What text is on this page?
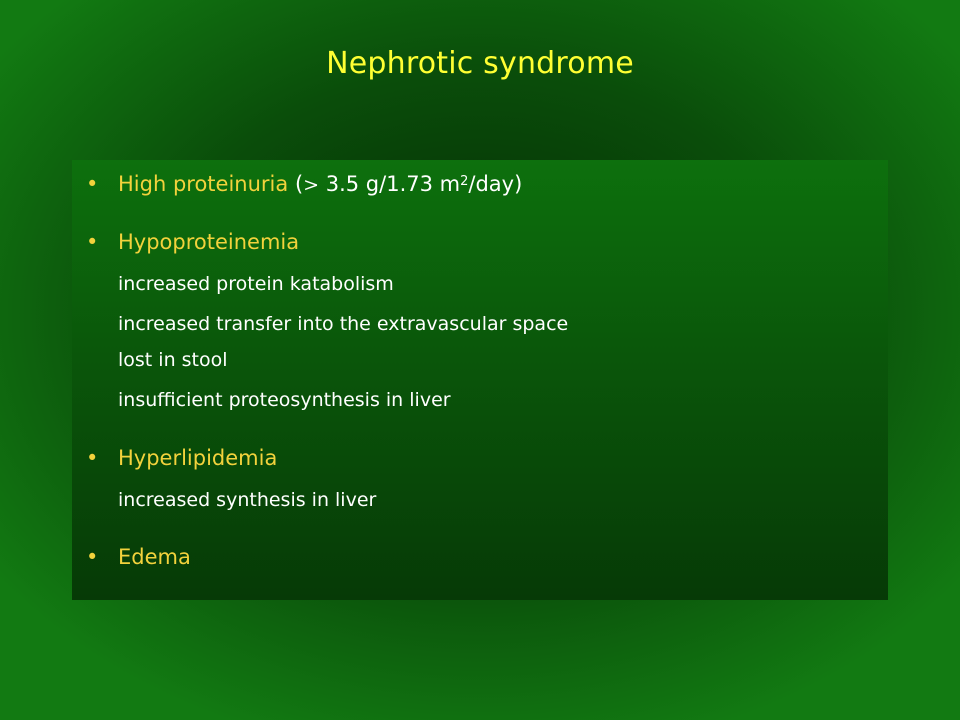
Nephrotic syndrome
• High proteinuria (> 3.5 g/1.73 $m_2/day$)
• Hypoproteinemia
increased protein katabolism
increased transfer into the extravascular space
lost in stool
insufficient proteosynthesis in liver
• Hyperlipidemia
increased synthesis in liver
• Edema
